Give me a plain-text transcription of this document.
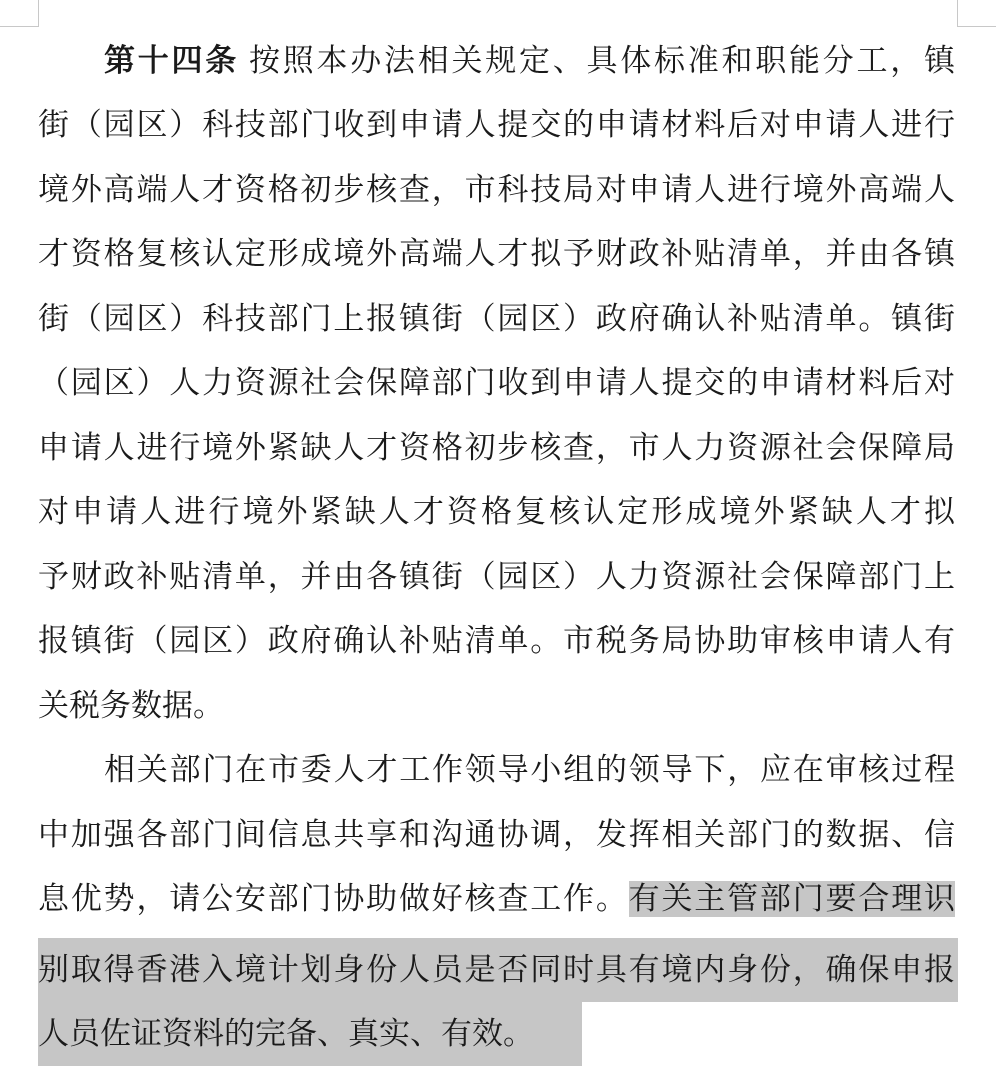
第十四条 按照本办法相关规定、具体标准和职能分工，镇
街（园区）科技部门收到申请人提交的申请材料后对申请人进行
境外高端人才资格初步核查，市科技局对申请人进行境外高端人
才资格复核认定形成境外高端人才拟予财政补贴清单，并由各镇
街（园区）科技部门上报镇街（园区）政府确认补贴清单。镇街
（园区）人力资源社会保障部门收到申请人提交的申请材料后对
申请人进行境外紧缺人才资格初步核查，市人力资源社会保障局
对申请人进行境外紧缺人才资格复核认定形成境外紧缺人才拟
予财政补贴清单，并由各镇街（园区）人力资源社会保障部门上
报镇街（园区）政府确认补贴清单。市税务局协助审核申请人有
关税务数据。
相关部门在市委人才工作领导小组的领导下，应在审核过程
中加强各部门间信息共享和沟通协调，发挥相关部门的数据、信
息优势，请公安部门协助做好核查工作。有关主管部门要合理识
别取得香港入境计划身份人员是否同时具有境内身份，确保申报
人员佐证资料的完备、真实、有效。
